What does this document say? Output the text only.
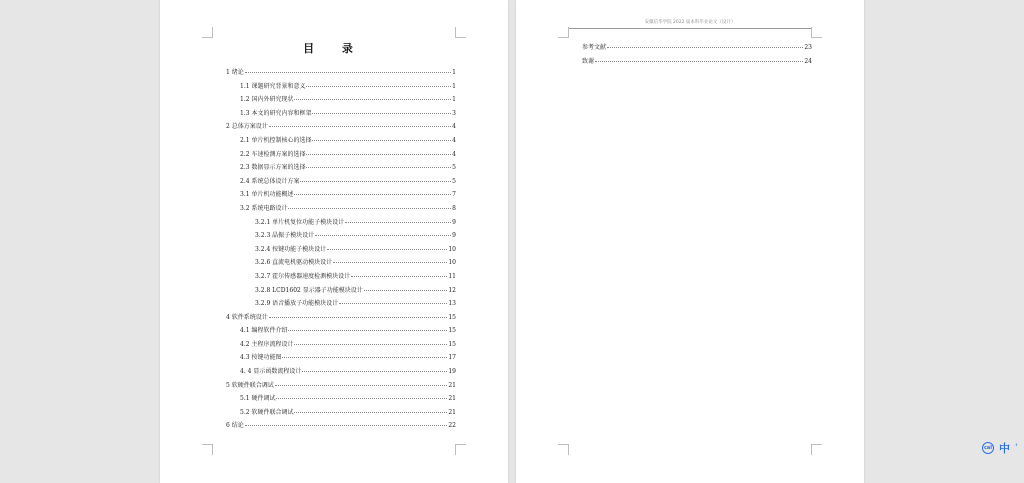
目 录
1 绪论	1
1.1 课题研究背景和意义	1
1.2 国内外研究现状	1
1.3 本文的研究内容和框架	3
2 总体方案设计	4
2.1 单片机控制核心的选择	4
2.2 车速检测方案的选择	4
2.3 数据显示方案的选择	5
2.4 系统总体设计方案	5
3.1 单片机功能概述	7
3.2 系统电路设计	8
3.2.1 单片机复位功能子模块设计	9
3.2.3 晶振子模块设计	9
3.2.4 按键功能子模块设计	10
3.2.6 直流电机驱动模块设计	10
3.2.7 霍尔传感器速度检测模块设计	11
3.2.8 LCD1602 显示器子功能模块设计	12
3.2.9 语音播放子功能模块设计	13
4 软件系统设计	15
4.1 编程软件介绍	15
4.2 主程序流程设计	15
4.3 按键功能图	17
4. 4 显示函数流程设计	19
5 软硬件联合调试	21
5.1 硬件调试	21
5.2 软硬件联合调试	21
6 结论	22
安徽信华学院 2022 届本科毕业论文（设计）
参考文献	23
致谢	24
cal 中 '
